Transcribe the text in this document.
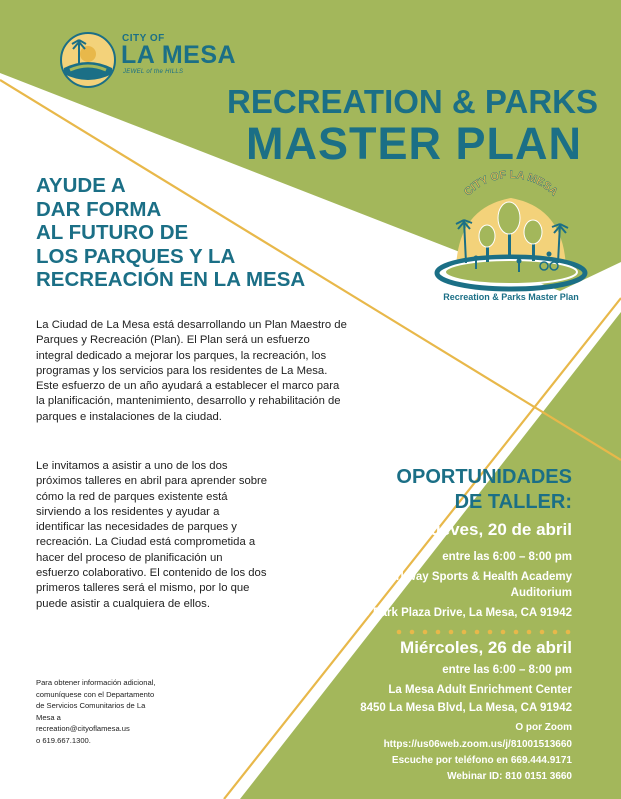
CITY OF
LA MESA
JEWEL of the HILLS
RECREATION & PARKS
MASTER PLAN
CITY OF LA MESA
Recreation & Parks Master Plan
AYUDE A
DAR FORMA
AL FUTURO DE
LOS PARQUES Y LA
RECREACIÓN EN LA MESA
La Ciudad de La Mesa está desarrollando un Plan Maestro de Parques y Recreación (Plan). El Plan será un esfuerzo integral dedicado a mejorar los parques, la recreación, los programas y los servicios para los residentes de La Mesa. Este esfuerzo de un año ayudará a establecer el marco para la planificación, mantenimiento, desarrollo y rehabilitación de parques e instalaciones de la ciudad.
Le invitamos a asistir a uno de los dos próximos talleres en abril para aprender sobre cómo la red de parques existente está sirviendo a los residentes y ayudar a identificar las necesidades de parques y recreación. La Ciudad está comprometida a hacer del proceso de planificación un esfuerzo colaborativo. El contenido de los dos primeros talleres será el mismo, por lo que puede asistir a cualquiera de ellos.
Para obtener información adicional,
comuníquese con el Departamento
de Servicios Comunitarios de La
Mesa a
recreation@cityoflamesa.us
o 619.667.1300.
OPORTUNIDADES
DE TALLER:
Jueves, 20 de abril
entre las 6:00 – 8:00 pm
Parkway Sports & Health Academy
Auditorium
9009 Park Plaza Drive, La Mesa, CA 91942
Miércoles, 26 de abril
entre las 6:00 – 8:00 pm
La Mesa Adult Enrichment Center
8450 La Mesa Blvd, La Mesa, CA 91942
O por Zoom
https://us06web.zoom.us/j/81001513660
Escuche por teléfono en 669.444.9171
Webinar ID: 810 0151 3660
